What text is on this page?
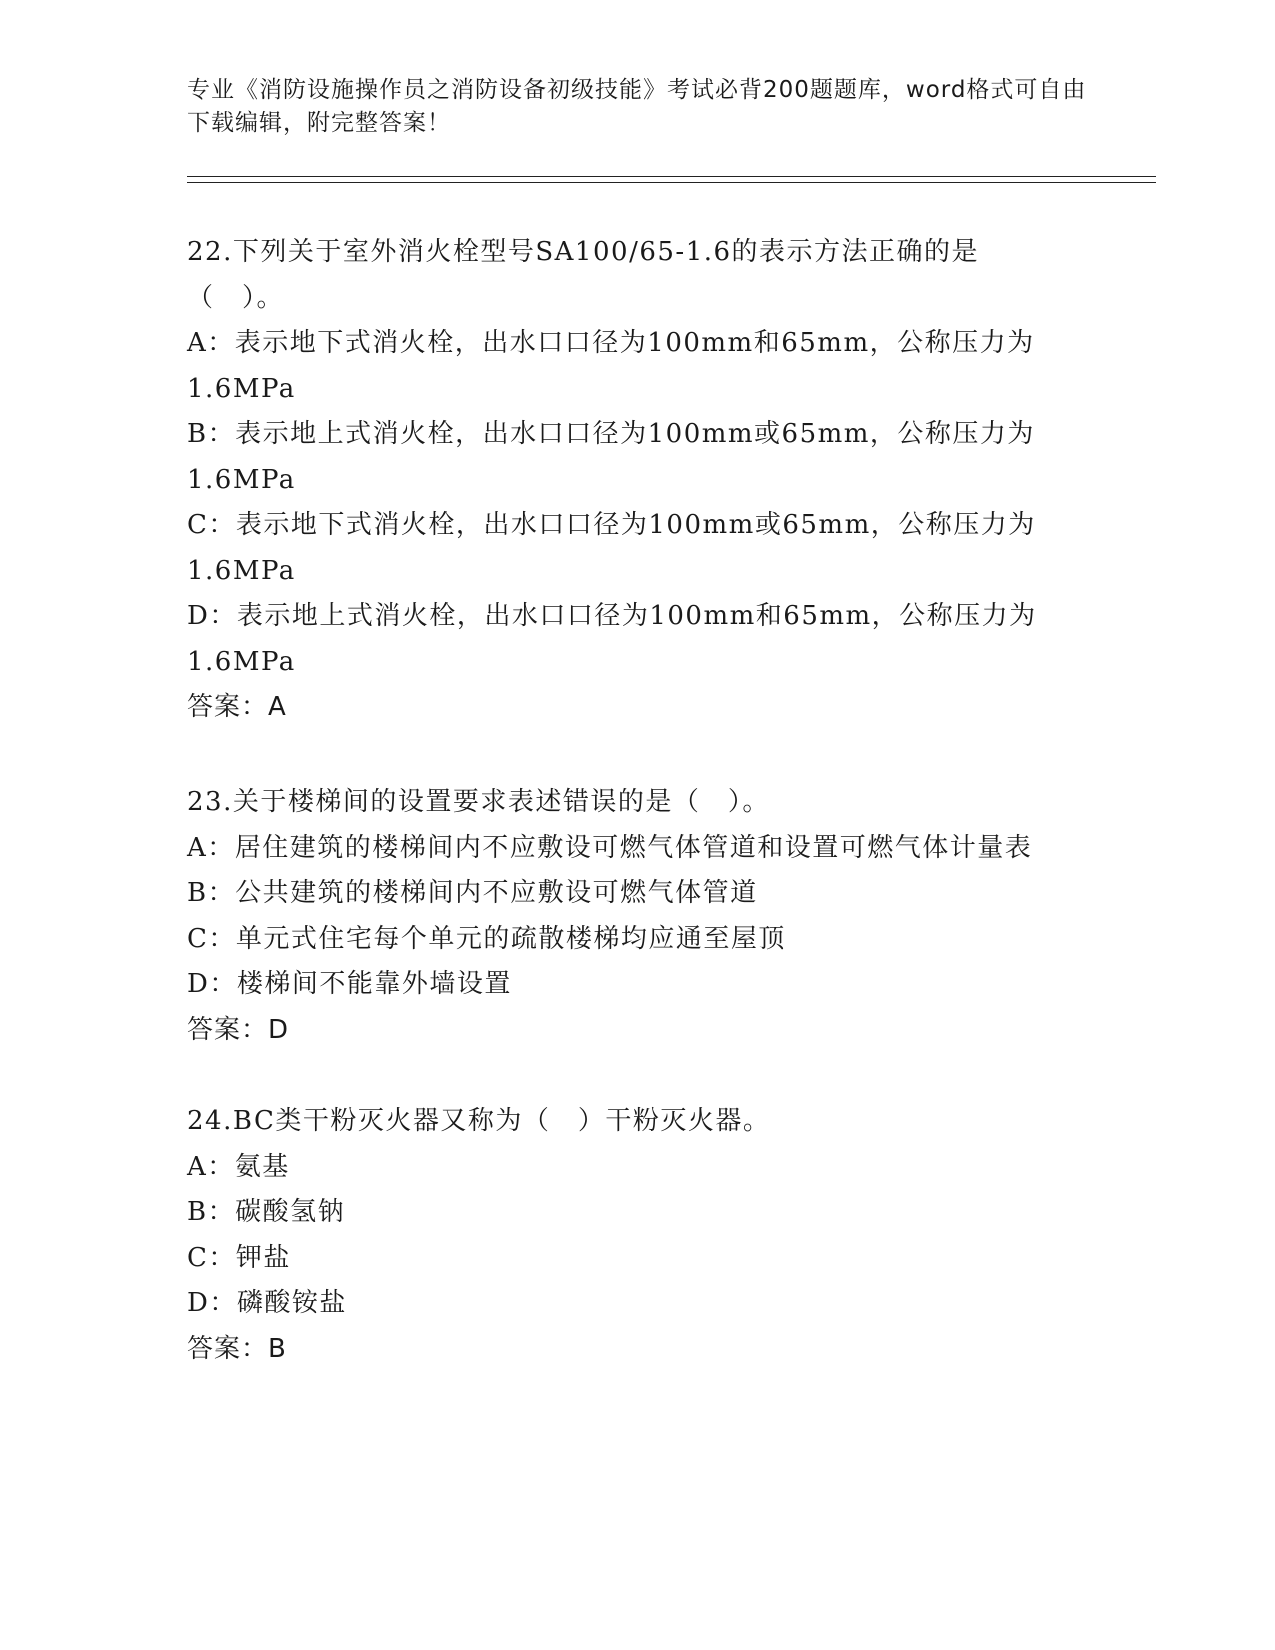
专业《消防设施操作员之消防设备初级技能》考试必背200题题库，word格式可自由下载编辑，附完整答案！

22.下列关于室外消火栓型号SA100/65-1.6的表示方法正确的是（　）。

A：表示地下式消火栓，出水口口径为100mm和65mm，公称压力为1.6MPa

B：表示地上式消火栓，出水口口径为100mm或65mm，公称压力为1.6MPa

C：表示地下式消火栓，出水口口径为100mm或65mm，公称压力为1.6MPa

D：表示地上式消火栓，出水口口径为100mm和65mm，公称压力为1.6MPa

答案：A

23.关于楼梯间的设置要求表述错误的是（　）。

A：居住建筑的楼梯间内不应敷设可燃气体管道和设置可燃气体计量表

B：公共建筑的楼梯间内不应敷设可燃气体管道

C：单元式住宅每个单元的疏散楼梯均应通至屋顶

D：楼梯间不能靠外墙设置

答案：D

24.BC类干粉灭火器又称为（　）干粉灭火器。

A：氨基

B：碳酸氢钠

C：钾盐

D：磷酸铵盐

答案：B
